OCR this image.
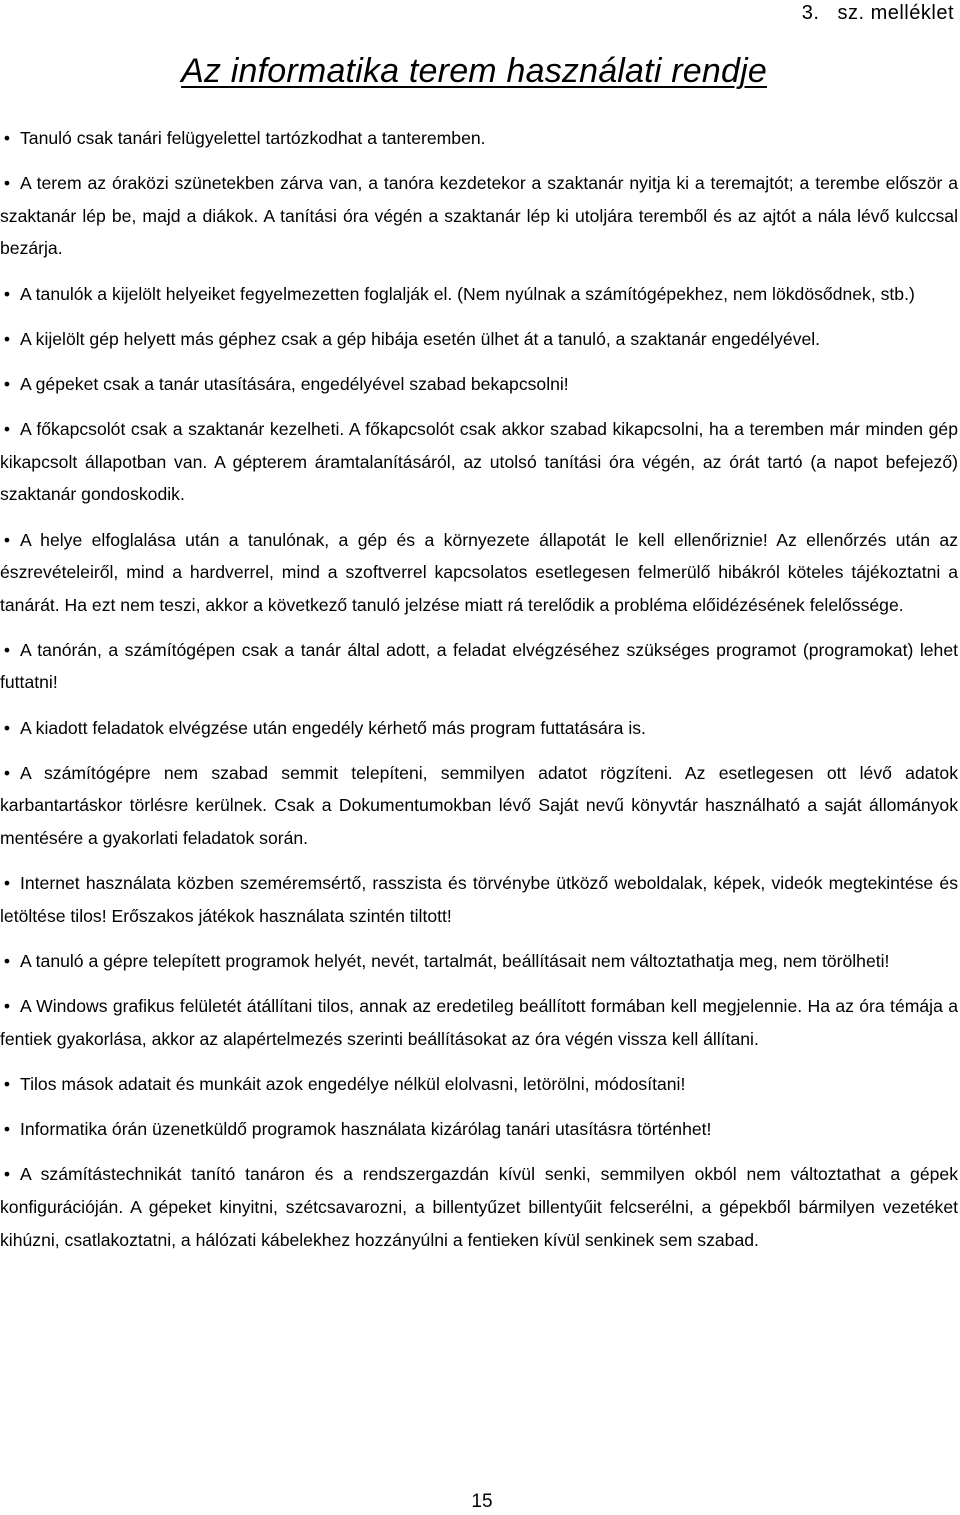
3. sz. melléklet
Az informatika terem használati rendje
• Tanuló csak tanári felügyelettel tartózkodhat a tanteremben.
• A terem az óraközi szünetekben zárva van, a tanóra kezdetekor a szaktanár nyitja ki a teremajtót; a terembe először a szaktanár lép be, majd a diákok. A tanítási óra végén a szaktanár lép ki utoljára teremből és az ajtót a nála lévő kulccsal bezárja.
• A tanulók a kijelölt helyeiket fegyelmezetten foglalják el. (Nem nyúlnak a számítógépekhez, nem lökdösődnek, stb.)
• A kijelölt gép helyett más géphez csak a gép hibája esetén ülhet át a tanuló, a szaktanár engedélyével.
• A gépeket csak a tanár utasítására, engedélyével szabad bekapcsolni!
• A főkapcsolót csak a szaktanár kezelheti. A főkapcsolót csak akkor szabad kikapcsolni, ha a teremben már minden gép kikapcsolt állapotban van. A gépterem áramtalanításáról, az utolsó tanítási óra végén, az órát tartó (a napot befejező) szaktanár gondoskodik.
• A helye elfoglalása után a tanulónak, a gép és a környezete állapotát le kell ellenőriznie! Az ellenőrzés után az észrevételeiről, mind a hardverrel, mind a szoftverrel kapcsolatos esetlegesen felmerülő hibákról köteles tájékoztatni a tanárát. Ha ezt nem teszi, akkor a következő tanuló jelzése miatt rá terelődik a probléma előidézésének felelőssége.
• A tanórán, a számítógépen csak a tanár által adott, a feladat elvégzéséhez szükséges programot (programokat) lehet futtatni!
• A kiadott feladatok elvégzése után engedély kérhető más program futtatására is.
• A számítógépre nem szabad semmit telepíteni, semmilyen adatot rögzíteni. Az esetlegesen ott lévő adatok karbantartáskor törlésre kerülnek. Csak a Dokumentumokban lévő Saját nevű könyvtár használható a saját állományok mentésére a gyakorlati feladatok során.
• Internet használata közben szeméremsértő, rasszista és törvénybe ütköző weboldalak, képek, videók megtekintése és letöltése tilos! Erőszakos játékok használata szintén tiltott!
• A tanuló a gépre telepített programok helyét, nevét, tartalmát, beállításait nem változtathatja meg, nem törölheti!
• A Windows grafikus felületét átállítani tilos, annak az eredetileg beállított formában kell megjelennie. Ha az óra témája a fentiek gyakorlása, akkor az alapértelmezés szerinti beállításokat az óra végén vissza kell állítani.
• Tilos mások adatait és munkáit azok engedélye nélkül elolvasni, letörölni, módosítani!
• Informatika órán üzenetküldő programok használata kizárólag tanári utasításra történhet!
• A számítástechnikát tanító tanáron és a rendszergazdán kívül senki, semmilyen okból nem változtathat a gépek konfigurációján. A gépeket kinyitni, szétcsavarozni, a billentyűzet billentyűit felcserélni, a gépekből bármilyen vezetéket kihúzni, csatlakoztatni, a hálózati kábelekhez hozzányúlni a fentieken kívül senkinek sem szabad.
15
